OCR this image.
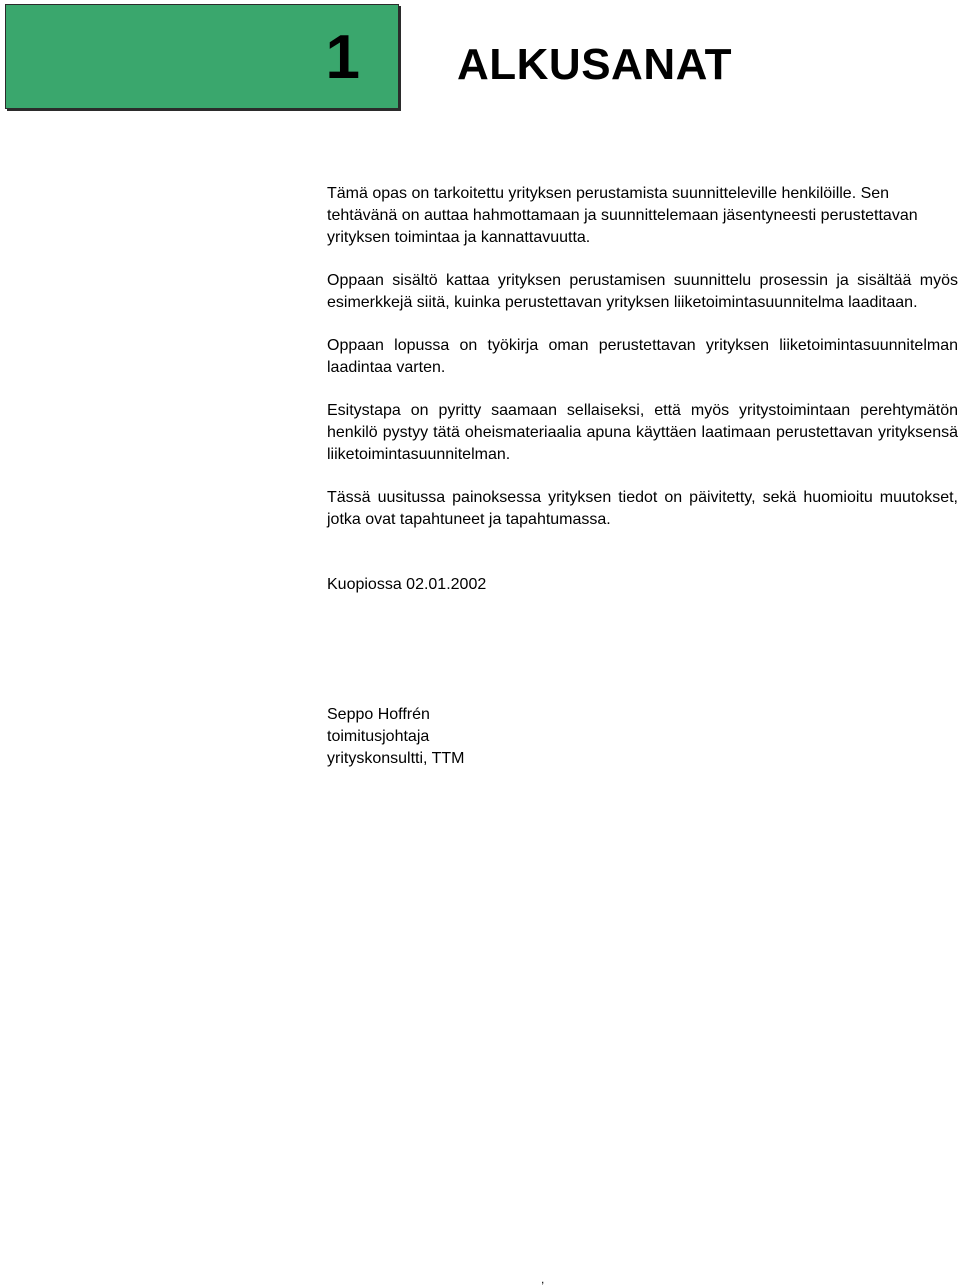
1 ALKUSANAT

Tämä opas on tarkoitettu yrityksen perustamista suunnitteleville henkilöille. Sen tehtävänä on auttaa hahmottamaan ja suunnittelemaan jäsentyneesti perustettavan yrityksen toimintaa ja kannattavuutta.

Oppaan sisältö kattaa yrityksen perustamisen suunnittelu prosessin ja sisältää myös esimerkkejä siitä, kuinka perustettavan yrityksen liiketoimintasuunnitelma laaditaan.

Oppaan lopussa on työkirja oman perustettavan yrityksen liiketoimintasuunnitelman laadintaa varten.

Esitystapa on pyritty saamaan sellaiseksi, että myös yritystoimintaan perehtymätön henkilö pystyy tätä oheismateriaalia apuna käyttäen laatimaan perustettavan yrityksensä liiketoimintasuunnitelman.

Tässä uusitussa painoksessa yrityksen tiedot on päivitetty, sekä huomioitu muutokset, jotka ovat tapahtuneet ja tapahtumassa.

Kuopiossa 02.01.2002
Seppo Hoffrén
toimitusjohtaja
yrityskonsultti, TTM
,
